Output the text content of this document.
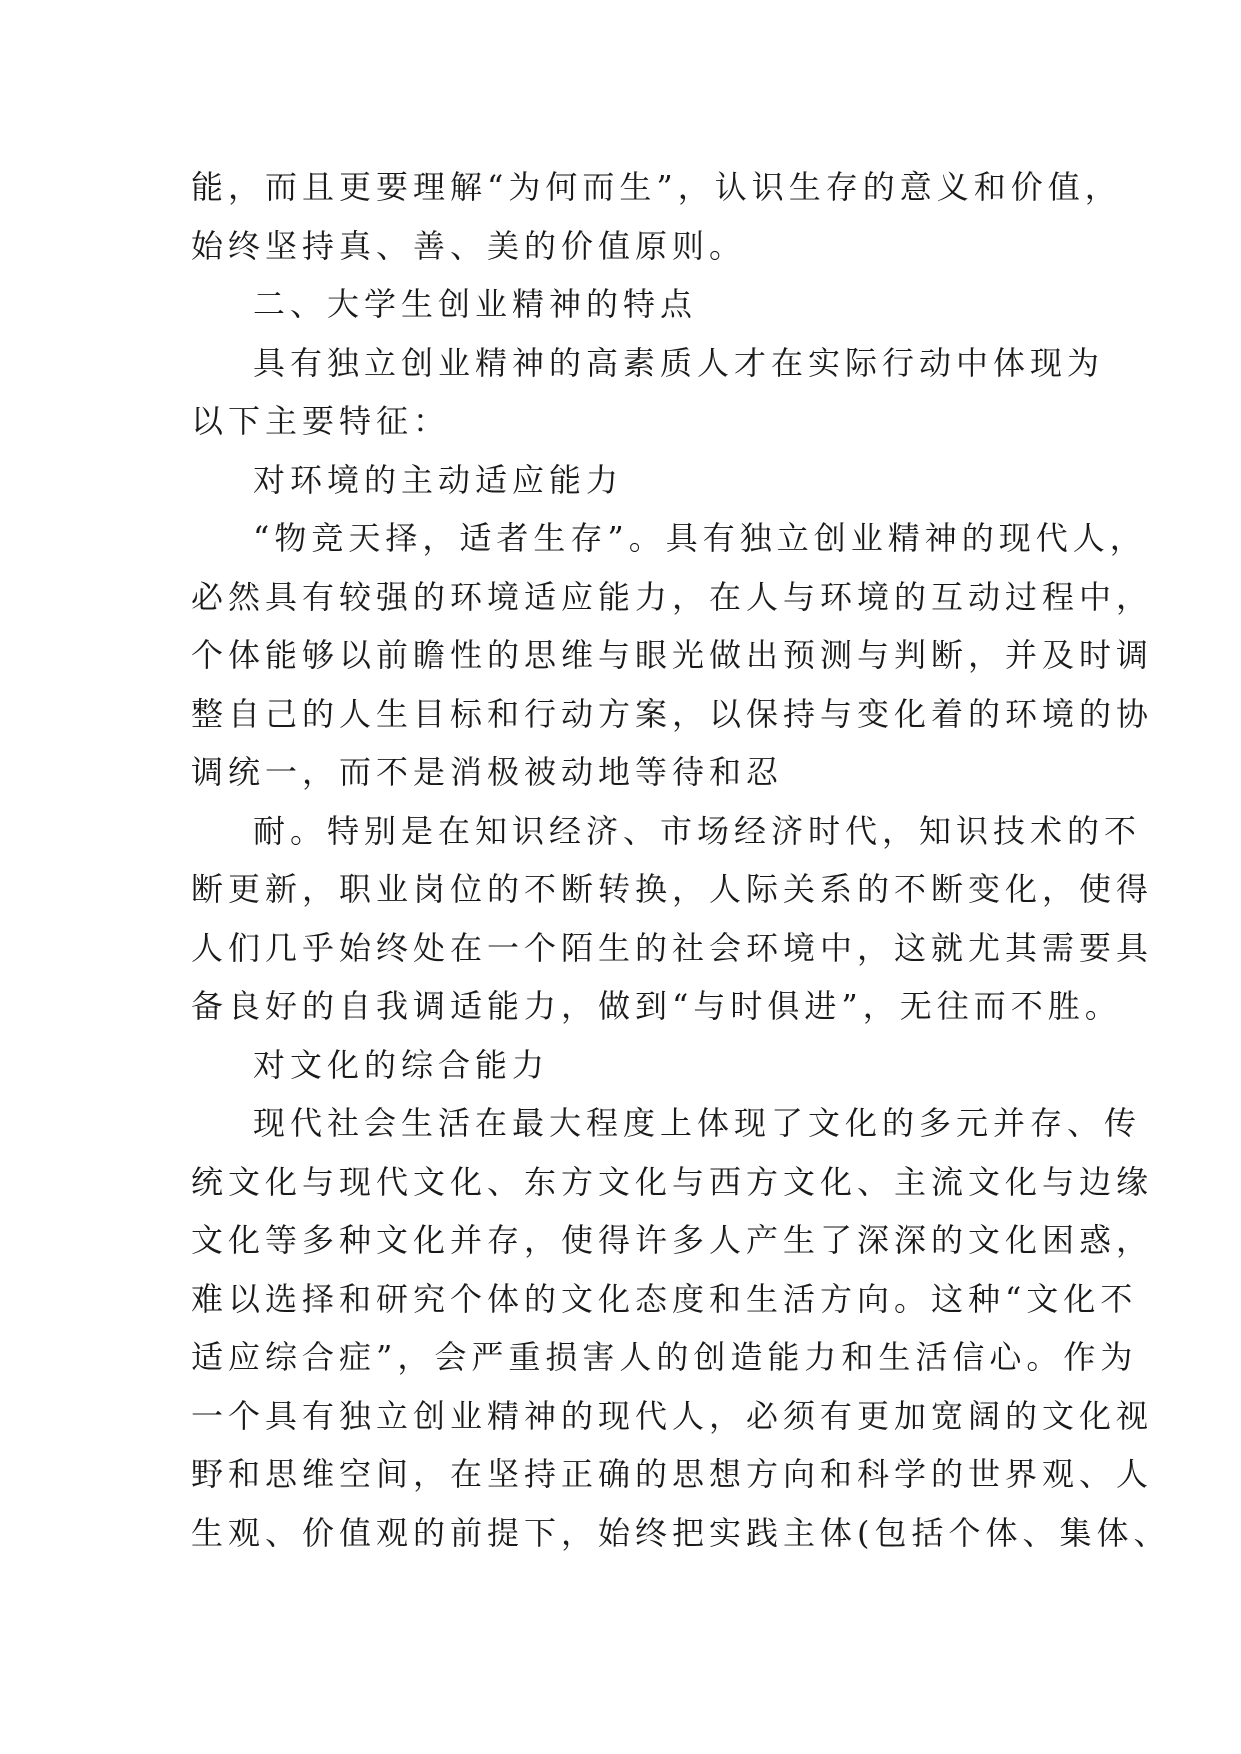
能，而且更要理解“为何而生”，认识生存的意义和价值，
始终坚持真、善、美的价值原则。
二、大学生创业精神的特点
具有独立创业精神的高素质人才在实际行动中体现为
以下主要特征：
对环境的主动适应能力
“物竞天择，适者生存”。具有独立创业精神的现代人，
必然具有较强的环境适应能力，在人与环境的互动过程中，
个体能够以前瞻性的思维与眼光做出预测与判断，并及时调
整自己的人生目标和行动方案，以保持与变化着的环境的协
调统一，而不是消极被动地等待和忍
耐。特别是在知识经济、市场经济时代，知识技术的不
断更新，职业岗位的不断转换，人际关系的不断变化，使得
人们几乎始终处在一个陌生的社会环境中，这就尤其需要具
备良好的自我调适能力，做到“与时俱进”，无往而不胜。
对文化的综合能力
现代社会生活在最大程度上体现了文化的多元并存、传
统文化与现代文化、东方文化与西方文化、主流文化与边缘
文化等多种文化并存，使得许多人产生了深深的文化困惑，
难以选择和研究个体的文化态度和生活方向。这种“文化不
适应综合症”，会严重损害人的创造能力和生活信心。作为
一个具有独立创业精神的现代人，必须有更加宽阔的文化视
野和思维空间，在坚持正确的思想方向和科学的世界观、人
生观、价值观的前提下，始终把实践主体(包括个体、集体、
